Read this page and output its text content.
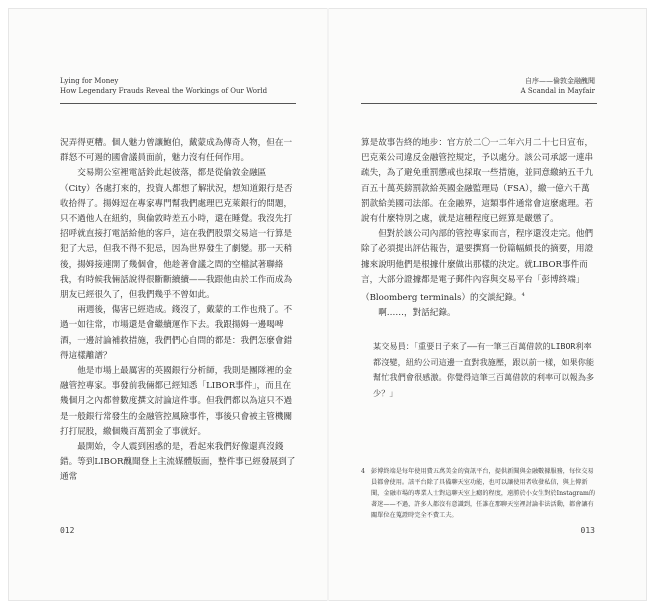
Lying for Money
How Legendary Frauds Reveal the Workings of Our World

況弄得更糟。個人魅力曾讓鮑伯，戴蒙成為傳奇人物，但在一群怒不可遏的國會議員面前，魅力沒有任何作用。

交易期公室裡電話鈴此起彼落，都是從倫敦金融區（City）各處打來的，投資人都想了解狀況，想知道銀行是否收拾得了。揚姆逗在專家專門幫我們處理巴克萊銀行的問題，只不過他人在紐約，與倫敦時差五小時，還在睡覺。我沒先打招呼就直接打電話給他的客戶，這在我們股票交易這一行算是犯了大忌，但我不得不犯忌，因為世界發生了劇變。那一天稍後，揚姆接連開了幾個會，他趁著會議之間的空檔試著聯絡我，有時候我倆話說得很斷斷續續——我跟他由於工作而成為朋友已經很久了，但我們幾乎不曾如此。

兩週後，傷害已經造成。錢沒了，戴蒙的工作也飛了。不過一如往常，市場還是會繼續運作下去。我跟揚姆一邊喝啤酒，一邊討論補救措施，我們們心自問的都是：我們怎麼會錯得這樣離譜？

他是市場上最厲害的英國銀行分析師，我則是團隊裡的金融管控專家。事發前我倆都已經知悉「LIBOR事件」，而且在幾個月之內都曾數度撰文討論這件事。但我們都以為這只不過是一般銀行常發生的金融管控風險事件，事後只會被主管機關打打屁股，繳個幾百萬罰金了事就好。

最開始，令人震到困惑的是，看起來我們好像還真沒錢錯。等到LIBOR醜聞登上主流媒體版面，整件事已經發展到了通常

012
自序——倫敦金融醜聞
A Scandal in Mayfair

算是故事告終的地步：官方於二〇一二年六月二十七日宣布，巴克萊公司違反金融管控規定，予以處分。該公司承認一連串疏失，為了避免重罰懲戒也採取一些措施，並同意繳納五千九百五十萬英鎊罰款給英國金融監理局（FSA），繳一億六千萬罰款給美國司法部。在金融界，這類事件通常會這麼處理。若說有什麼特別之處，就是這種程度已經算是嚴懲了。

但對於該公司內部的管控專家而言，程序還沒走完。他們除了必須提出評估報告，還要撰寫一份篇幅頗長的摘要，用證據來說明他們是根據什麼做出那樣的決定。就LIBOR事件而言，大部分證據都是電子郵件內容與交易平台「彭博終端」（Bloomberg terminals）的交談紀錄。$^4$

啊……，對話紀錄。

某交易員：「重要日子來了——有一筆三百萬借款的LIBOR利率都沒變，紐約公司這邊一直對我施壓，跟以前一樣，如果你能幫忙我們會很感激。你覺得這筆三百萬借款的利率可以報為多少？」
4 彭博終端是每年使用費五萬美金的資訊平台，提供新聞與金融數據服務，每位交易員都會使用。該平台除了具備聊天室功能，也可以讓使用者收發私信，與上傳新聞，金融市場的專業人士對這聊天室上癮的程度，遠勝於小女生對於Instagram的著迷——不過，許多人都沒有意識到，任誰在那聊天室裡討論非法活動，都會讓有關單位在蒐證時完全不費工夫。
013
